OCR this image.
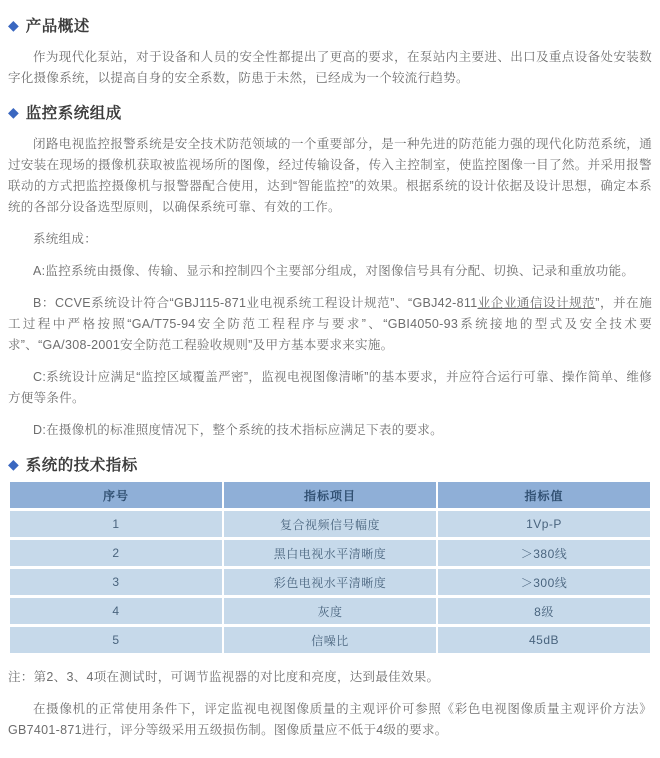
◆ 产品概述

作为现代化泵站，对于设备和人员的安全性都提出了更高的要求，在泵站内主要进、出口及重点设备处安装数字化摄像系统，以提高自身的安全系数，防患于未然，已经成为一个较流行趋势。

◆ 监控系统组成

闭路电视监控报警系统是安全技术防范领域的一个重要部分，是一种先进的防范能力强的现代化防范系统，通过安装在现场的摄像机获取被监视场所的图像，经过传输设备，传入主控制室，使监控图像一目了然。并采用报警联动的方式把监控摄像机与报警器配合使用，达到“智能监控”的效果。根据系统的设计依据及设计思想，确定本系统的各部分设备选型原则，以确保系统可靠、有效的工作。

系统组成：

A:监控系统由摄像、传输、显示和控制四个主要部分组成，对图像信号具有分配、切换、记录和重放功能。

B：CCVE系统设计符合“GBJ115-871业电视系统工程设计规范”、“GBJ42-811业企业通信设计规范”，并在施工过程中严格按照“GA/T75-94安全防范工程程序与要求”、“GBI4050-93系统接地的型式及安全技术要求”、“GA/308-2001安全防范工程验收规则”及甲方基本要求来实施。

C:系统设计应满足“监控区域覆盖严密”，监视电视图像清晰”的基本要求，并应符合运行可靠、操作简单、维修方便等条件。

D:在摄像机的标准照度情况下，整个系统的技术指标应满足下表的要求。

◆ 系统的技术指标
序号	指标项目	指标值
1	复合视频信号幅度	1Vp-P
2	黑白电视水平清晰度	＞380线
3	彩色电视水平清晰度	＞300线
4	灰度	8级
5	信噪比	45dB

注：第2、3、4项在测试时，可调节监视器的对比度和亮度，达到最佳效果。

在摄像机的正常使用条件下，评定监视电视图像质量的主观评价可参照《彩色电视图像质量主观评价方法》GB7401-871进行，评分等级采用五级损伤制。图像质量应不低于4级的要求。
